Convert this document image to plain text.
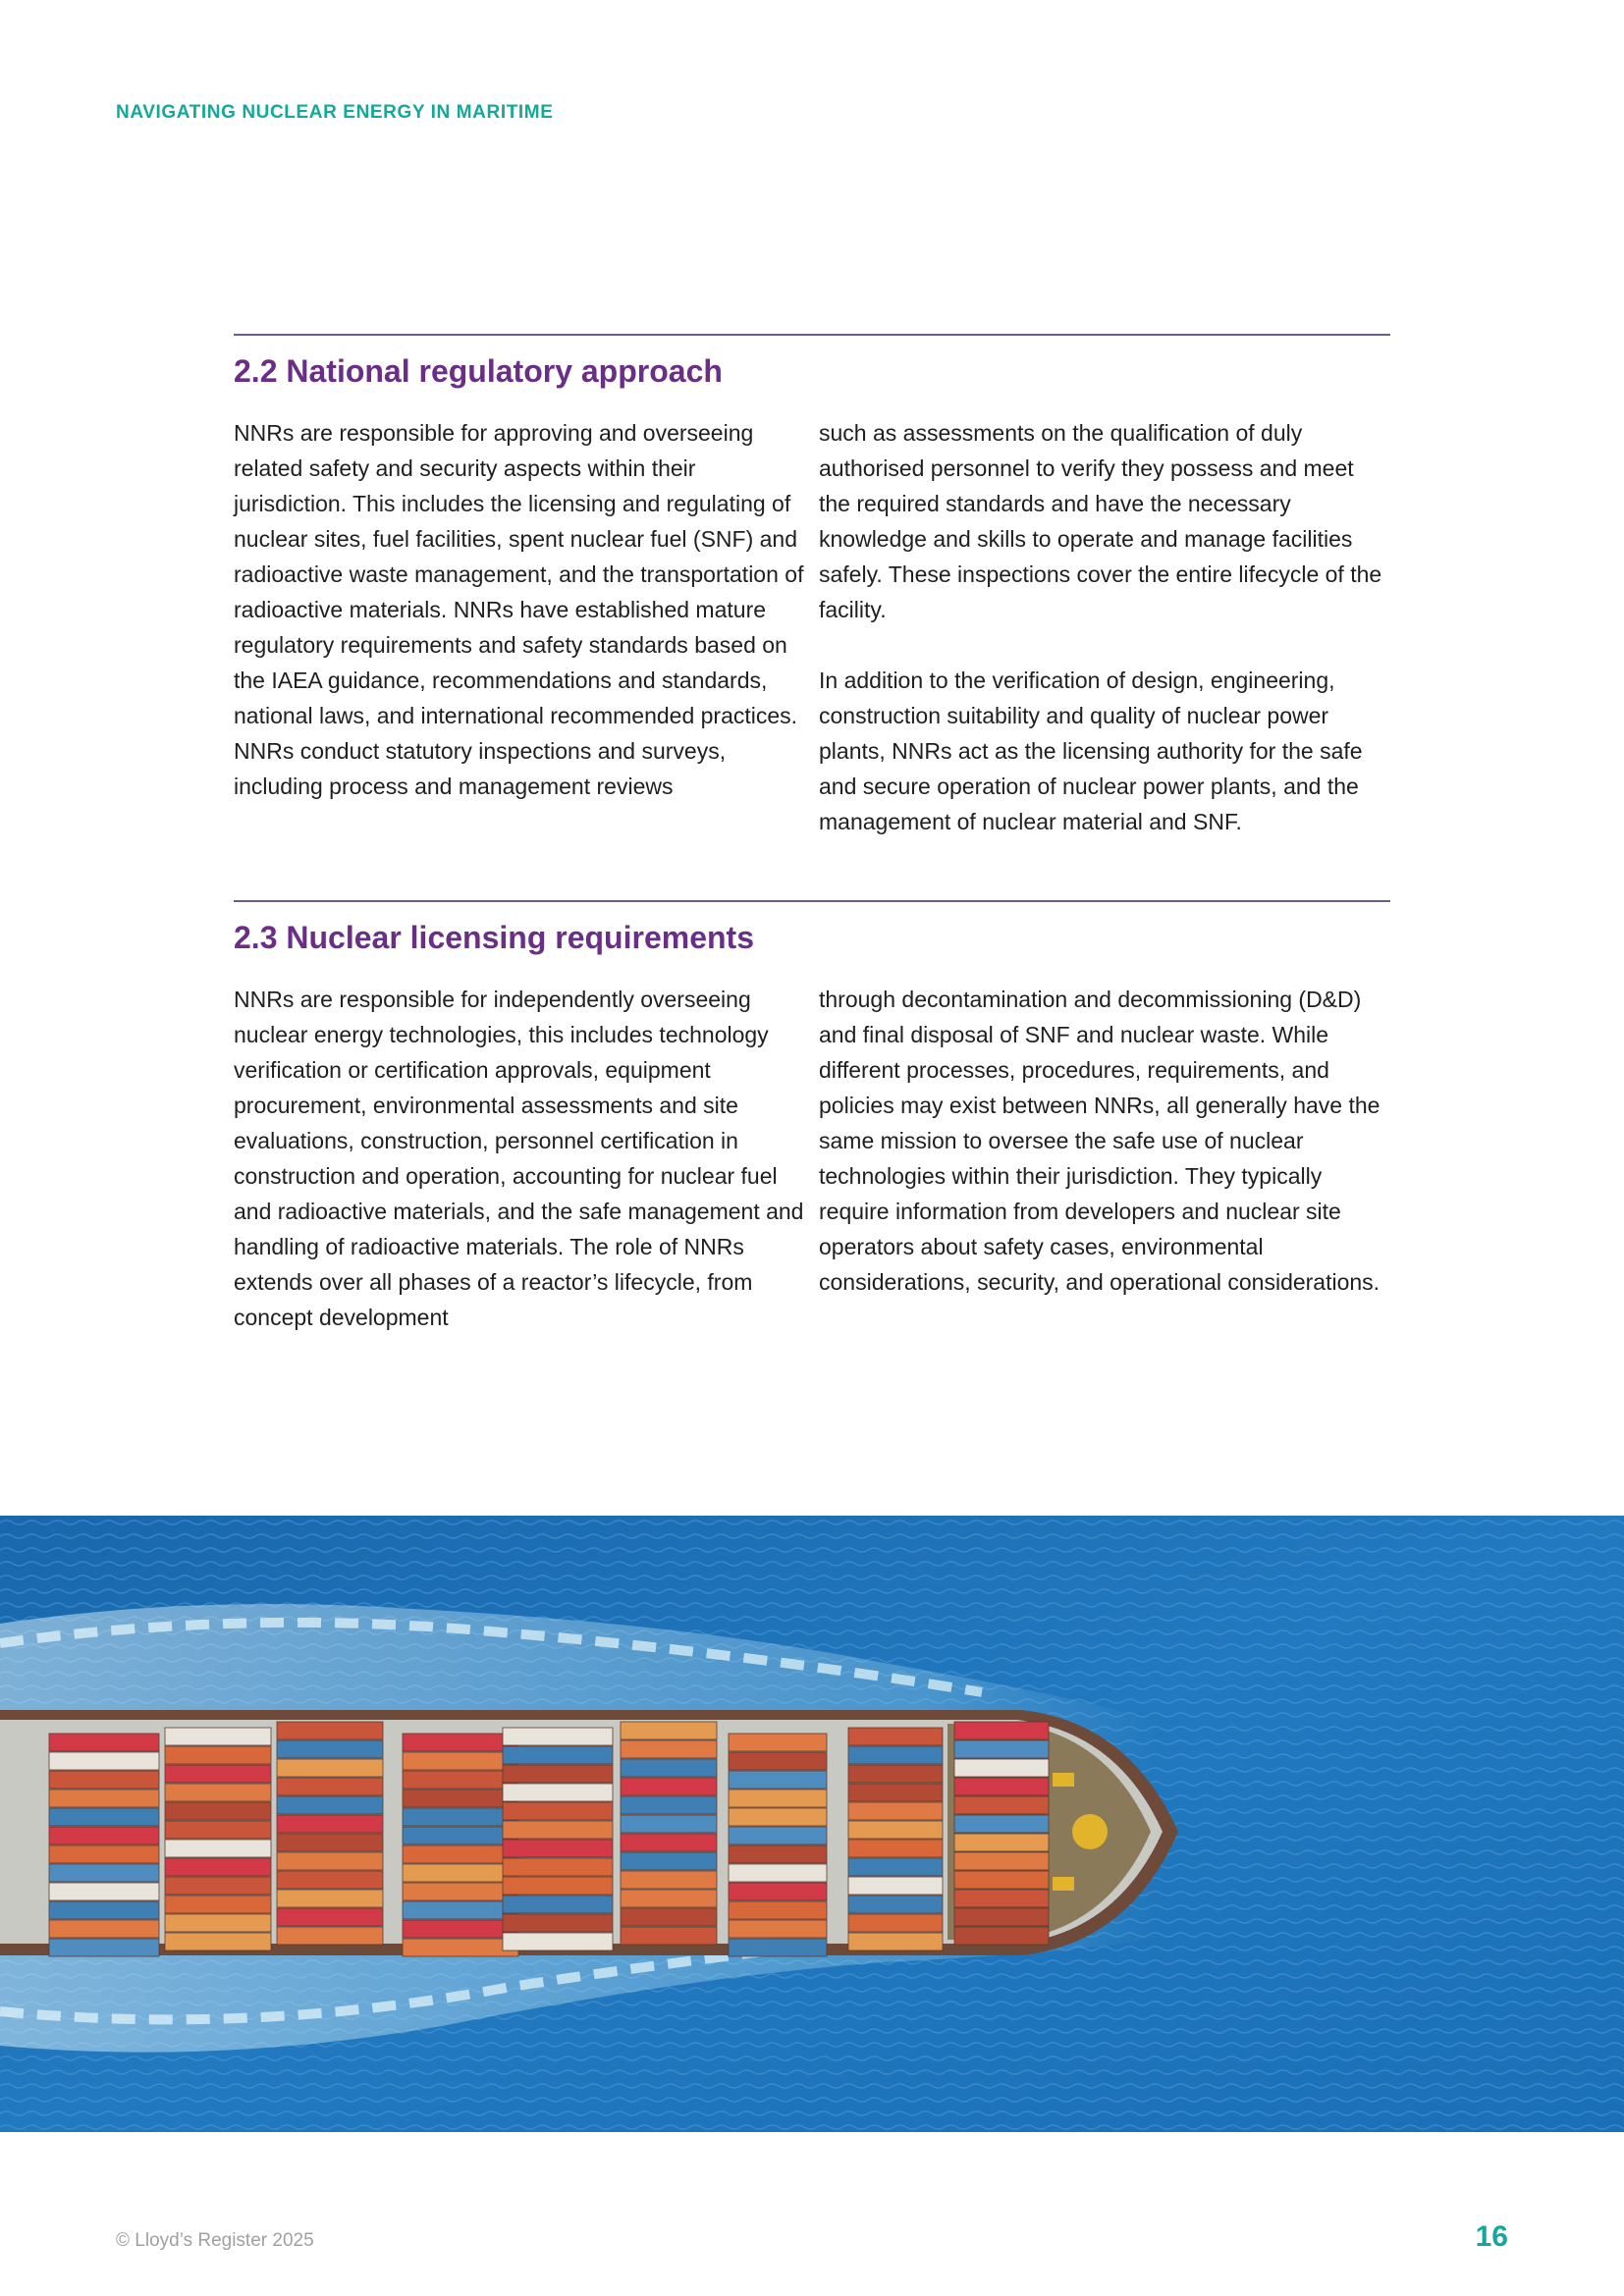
NAVIGATING NUCLEAR ENERGY IN MARITIME
2.2 National regulatory approach

NNRs are responsible for approving and overseeing related safety and security aspects within their jurisdiction. This includes the licensing and regulating of nuclear sites, fuel facilities, spent nuclear fuel (SNF) and radioactive waste management, and the transportation of radioactive materials. NNRs have established mature regulatory requirements and safety standards based on the IAEA guidance, recommendations and standards, national laws, and international recommended practices. NNRs conduct statutory inspections and surveys, including process and management reviews

such as assessments on the qualification of duly authorised personnel to verify they possess and meet the required standards and have the necessary knowledge and skills to operate and manage facilities safely. These inspections cover the entire lifecycle of the facility.

In addition to the verification of design, engineering, construction suitability and quality of nuclear power plants, NNRs act as the licensing authority for the safe and secure operation of nuclear power plants, and the management of nuclear material and SNF.

2.3 Nuclear licensing requirements

NNRs are responsible for independently overseeing nuclear energy technologies, this includes technology verification or certification approvals, equipment procurement, environmental assessments and site evaluations, construction, personnel certification in construction and operation, accounting for nuclear fuel and radioactive materials, and the safe management and handling of radioactive materials. The role of NNRs extends over all phases of a reactor’s lifecycle, from concept development

through decontamination and decommissioning (D&D) and final disposal of SNF and nuclear waste. While different processes, procedures, requirements, and policies may exist between NNRs, all generally have the same mission to oversee the safe use of nuclear technologies within their jurisdiction. They typically require information from developers and nuclear site operators about safety cases, environmental considerations, security, and operational considerations.

© Lloyd’s Register 2025	16
